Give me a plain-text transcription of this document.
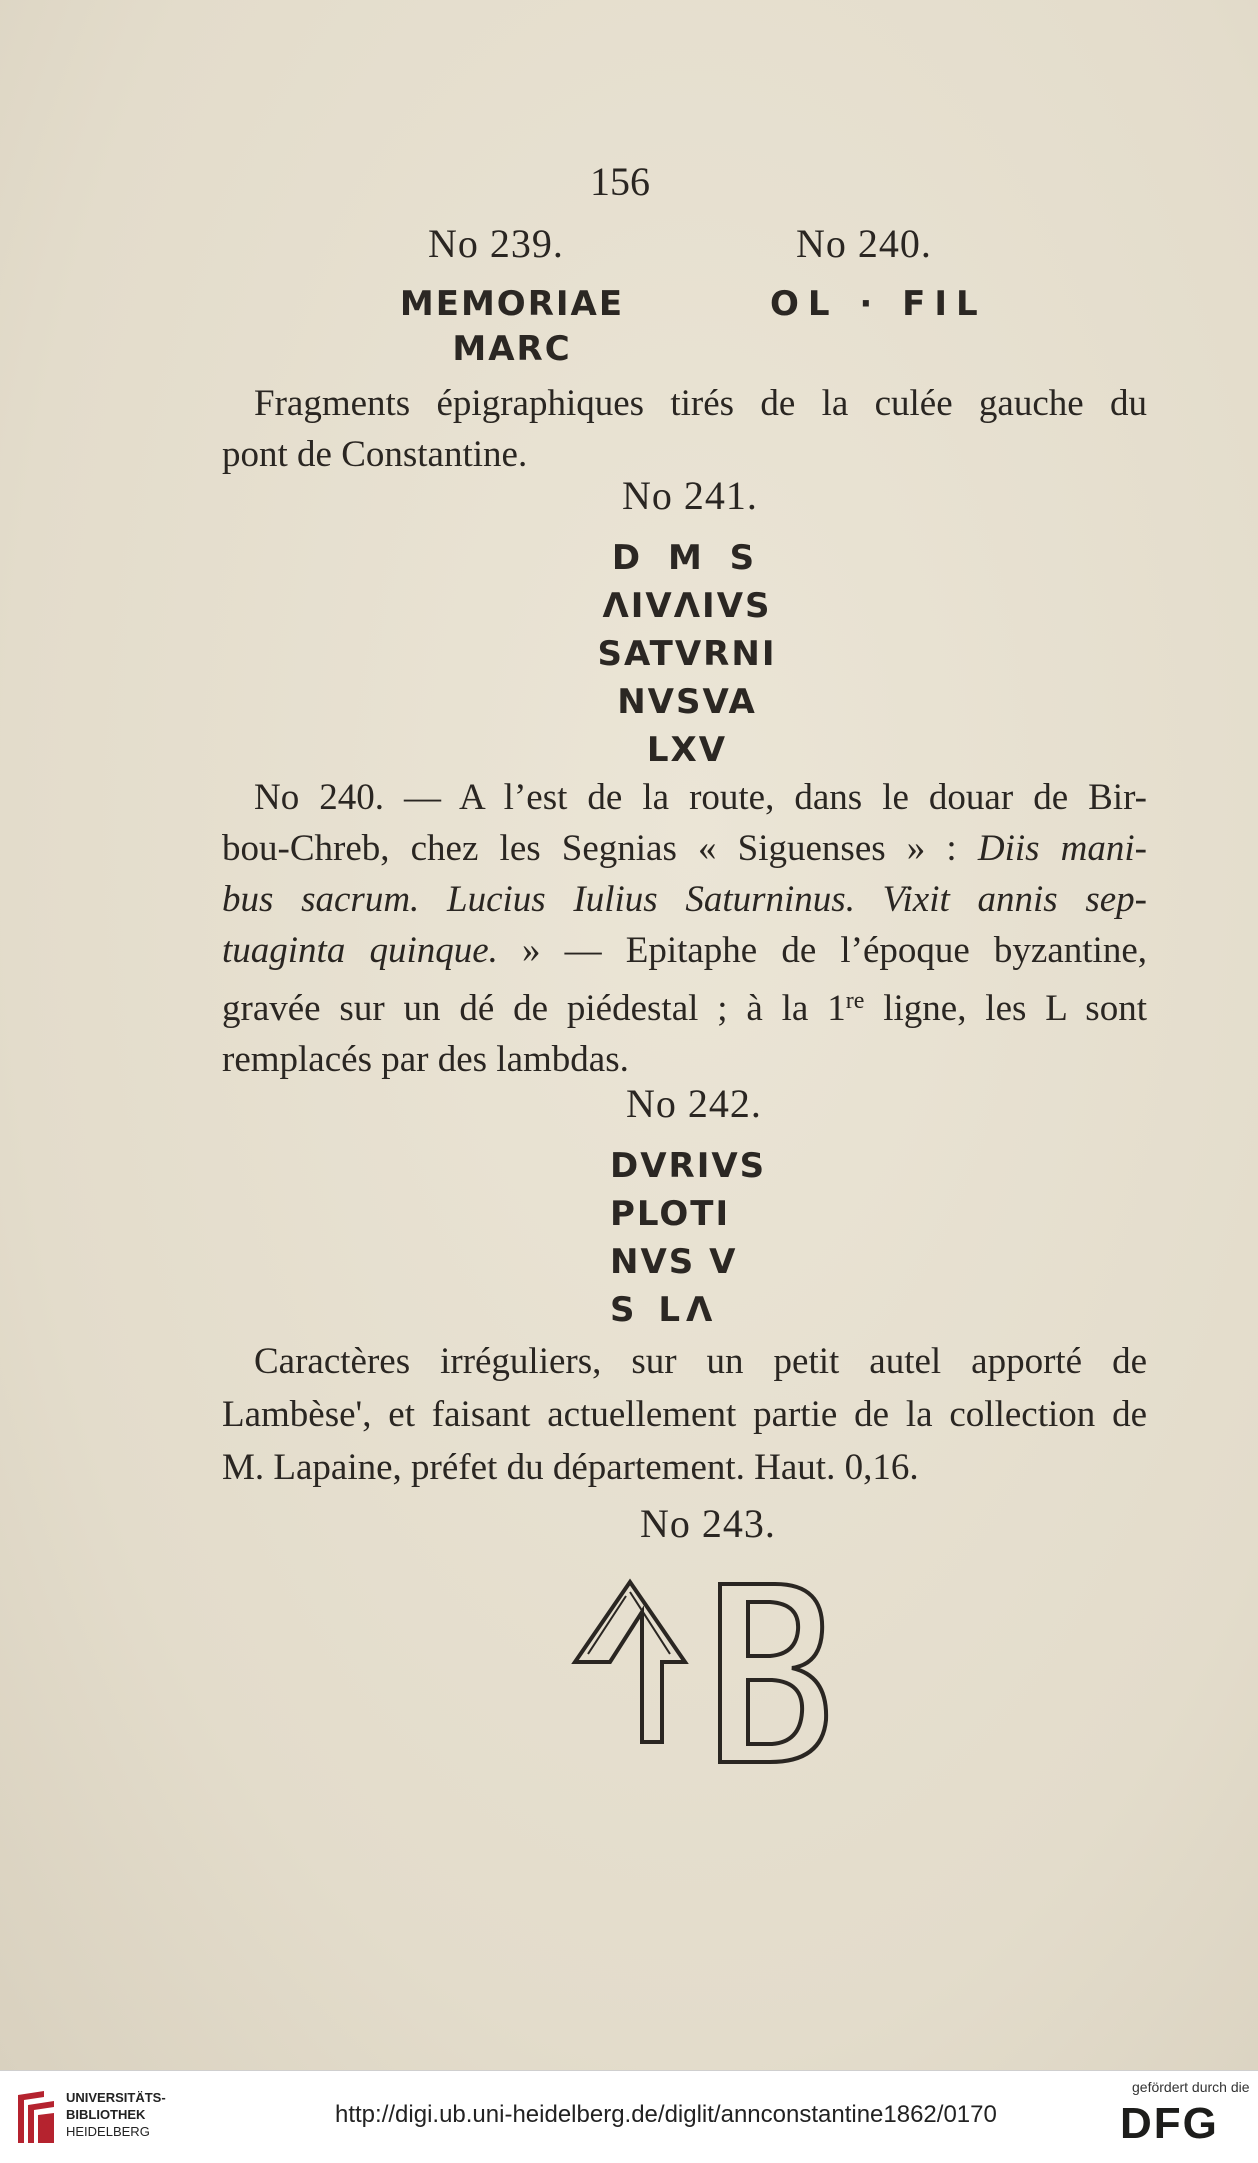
156
No 239.
MEMORIAE
MARC
No 240.
OL · FIL
Fragments épigraphiques tirés de la culée gauche du
pont de Constantine.
No 241.
D M S
ΛIVΛIVS
SATVRNI
NVSVA
LXV
No 240. — A l’est de la route, dans le douar de Bir-
bou-Chreb, chez les Segnias « Siguenses » : Diis mani-
bus sacrum. Lucius Iulius Saturninus. Vixit annis sep-
tuaginta quinque. » — Epitaphe de l’époque byzantine,
gravée sur un dé de piédestal ; à la 1re ligne, les L sont
remplacés par des lambdas.
No 242.
DVRIVS
PLOTI
NVS V
S LΛ
Caractères irréguliers, sur un petit autel apporté de
Lambèse', et faisant actuellement partie de la collection de
M. Lapaine, préfet du département. Haut. 0,16.
No 243.
UNIVERSITÄTS-
BIBLIOTHEK
HEIDELBERG
http://digi.ub.uni-heidelberg.de/diglit/annconstantine1862/0170
gefördert durch die
DFG
